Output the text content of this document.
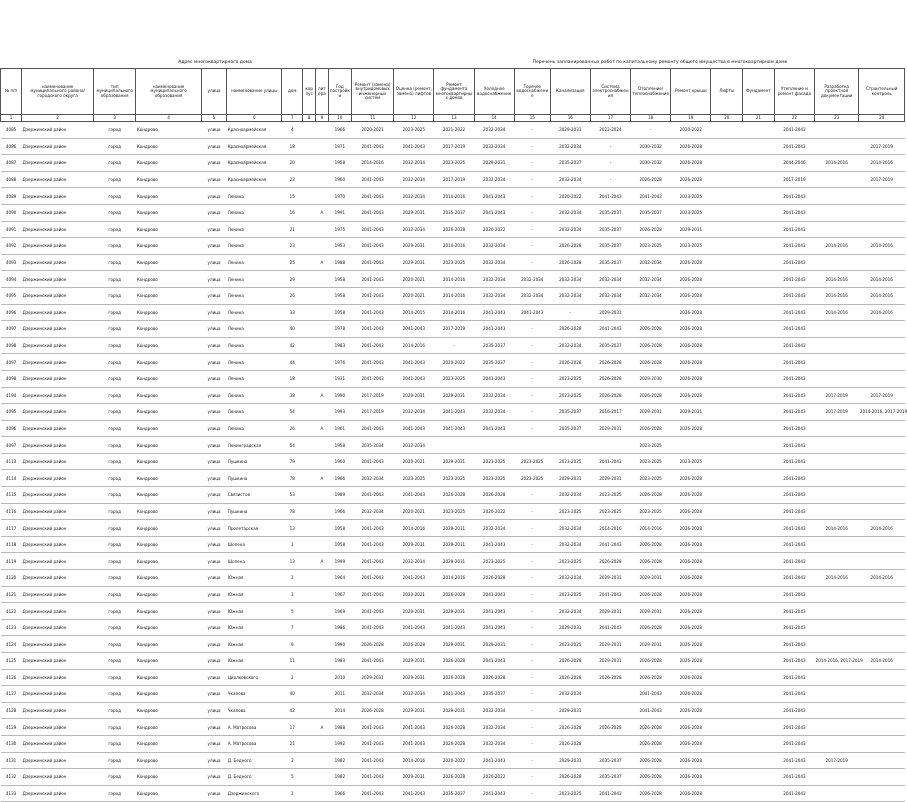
Адрес многоквартирного дома	Перечень запланированных работ по капитальному ремонту общего имущества в многоквартирном доме
№ п/п	наименование муниципального района/городского округа	тип муниципального образования	наименование муниципального образования	улица	наименование улицы	дом	корпус	литера	Год постройки	Ремонт (замена) внутридомовых инженерных систем	Оценка (ремонт, замена) лифтов	Ремонт фундамента многоквартирных домов	Холодное водоснабжение	Горячее водоснабжение	Канализация	Система электроснабжения	Отопление/теплоснабжение	Ремонт крыши	Лифты	Фундамент	Утепление и ремонт фасада	Разработка проектной документации	Строительный контроль
1	2	3	4	5	6	7	8	9	10	11	12	13	14	15	16	17	18	19	20	21	22	23	24
4085	Дзержинский район	город	Кондрово	улица	Красноармейская	4			1966	2020-2021	2023-2025	2021-2022	2032-2034	-	2029-2031	2022-2024	-	2020-2022			2041-2043		
4086	Дзержинский район	город	Кондрово	улица	Красноармейская	18			1971	2041-2043	2041-2043	2017-2019	2032-2034	-	2032-2034	-	2030-2032	2026-2028			2041-2043		2017-2019
4087	Дзержинский район	город	Кондрово	улица	Красноармейская	20			1958	2014-2016	2032-2034	2023-2025	2029-2031	-	2035-2037	-	2030-2032	2026-2028			2044-2046	2014-2016	2014-2016
4088	Дзержинский район	город	Кондрово	улица	Красноармейская	23			1960	2041-2043	2032-2034	2017-2019	2032-2034	-	2032-2034	-	2026-2028	2026-2028			2017-2019		2017-2019
4089	Дзержинский район	город	Кондрово	улица	Ленина	15			1970	2041-2043	2032-2034	2014-2016	2041-2043	-	2020-2022	2041-2043	2041-2043	2023-2025			2041-2043		
4090	Дзержинский район	город	Кондрово	улица	Ленина	16		А	1991	2041-2043	2029-2031	2035-2037	2041-2043	-	2032-2034	2035-2037	2035-2037	2023-2025			2041-2043		
4091	Дзержинский район	город	Кондрово	улица	Ленина	21			1975	2041-2043	2032-2034	2026-2028	2020-2022	-	2032-2034	2035-2037	2026-2028	2029-2031			2041-2043		
4092	Дзержинский район	город	Кондрово	улица	Ленина	23			1953	2041-2043	2029-2031	2014-2016	2032-2034	-	2026-2028	2035-2037	2023-2025	2023-2025			2041-2043	2014-2016	2014-2016
4093	Дзержинский район	город	Кондрово	улица	Ленина	25		А	1988	2041-2043	2029-2031	2023-2025	2032-2034	-	2026-2028	2035-2037	2032-2034	2026-2028			2041-2043		
4094	Дзержинский район	город	Кондрово	улица	Ленина	29			1958	2041-2043	2020-2021	2014-2016	2032-2034	2032-2034	2032-2034	2032-2034	2032-2034	2026-2028			2041-2043	2014-2016	2014-2016
4095	Дзержинский район	город	Кондрово	улица	Ленина	26			1958	2041-2043	2020-2021	2014-2016	2032-2034	2032-2034	2032-2034	2032-2034	2032-2034	2026-2028			2041-2043	2014-2016	2014-2016
4096	Дзержинский район	город	Кондрово	улица	Ленина	33			1958	2041-2043	2014-2015	2014-2016	2041-2043	2041-2043	-	2029-2031		2026-2028			2041-2043	2014-2016	2014-2016
4097	Дзержинский район	город	Кондрово	улица	Ленина	40			1978	2041-2043	2041-2043	2017-2019	2041-2043	-	2026-2028	2041-2043	2026-2028	2026-2028			2041-2043		
4098	Дзержинский район	город	Кондрово	улица	Ленина	42			1983	2041-2043	2014-2016	-	2035-2037	-	2032-2034	2035-2037	2026-2028	2026-2028			2041-2043		
4097	Дзержинский район	город	Кондрово	улица	Ленина	44			1976	2041-2043	2041-2043	2020-2022	2035-2037	-	2026-2028	2026-2028	2026-2028	2026-2028			2041-2043		
4098	Дзержинский район	город	Кондрово	улица	Ленина	18			1931	2041-2043	2041-2043	2023-2025	2041-2043	-	2023-2025	2026-2028	2029-2030	2026-2028			2041-2043		
4194	Дзержинский район	город	Кондрово	улица	Ленина	38		А	1990	2017-2019	2029-2031	2029-2031	2032-2034	-	2023-2025	2026-2028	2026-2028	2026-2028			2041-2043	2017-2019	2017-2019
4095	Дзержинский район	город	Кондрово	улица	Ленина	54			1993	2017-2019	2032-2034	2041-2043	2032-2034	-	2035-2037	2016-2017	2029-2031	2029-2031			2041-2043	2017-2019	2014-2016, 2017-2019
4096	Дзержинский район	город	Кондрово	улица	Ленина	26		А	1961	2041-2043	2041-2043	2041-2043	2041-2043	-	2035-2037	2029-2031	2026-2028	2026-2028			2041-2043		
4097	Дзержинский район	город	Кондрово	улица	Ленинградская	54			1958	2035-2034	2032-2034						2023-2025				2041-2043		
4113	Дзержинский район	город	Кондрово	улица	Пушкина	79			1960	2041-2043	2020-2021	2029-2031	2023-2025	2023-2025	2023-2025	2041-2043	2023-2025	2023-2025			2041-2043		
4114	Дзержинский район	город	Кондрово	улица	Пушкина	78		А	1966	2032-2034	2023-2025	2023-2025	2023-2025	2023-2025	2029-2031	2029-2031	2023-2025	2026-2028			2041-2043		
4115	Дзержинский район	город	Кондрово	улица	Связистов	53			1989	2041-2043	2041-2043	2026-2028	2026-2028	-	2032-2034	2023-2025	2026-2028	2026-2028			2041-2043		
4116	Дзержинский район	город	Кондрово	улица	Пушкина	78			1966	2032-2034	2020-2021	2023-2025	2020-2022	-	2023-2025	2023-2025	2023-2025	2026-2028			2041-2043		
4117	Дзержинский район	город	Кондрово	улица	Пролетарская	13			1958	2041-2043	2014-2016	2029-2031	2032-2034	-	2032-2034	2014-2016	2014-2016	2026-2028			2041-2043	2014-2016	2014-2016
4118	Дзержинский район	город	Кондрово	улица	Шопена	1			1958	2041-2043	2029-2031	2029-2031	2041-2043	-	2032-2034	2041-2043	2026-2028	2026-2028			2041-2043		
4119	Дзержинский район	город	Кондрово	улица	Шопена	13		А	1999	2041-2043	2032-2034	2029-2031	2023-2025	-	2023-2025	2026-2028	2026-2028	2026-2028			2041-2043		
4120	Дзержинский район	город	Кондрово	улица	Южная	1			1964	2041-2043	2041-2043	2014-2016	2026-2028	-	2032-2034	2029-2031	2029-2031	2026-2028			2041-2043	2014-2016	2014-2016
4121	Дзержинский район	город	Кондрово	улица	Южная	3			1967	2041-2043	2020-2021	2026-2028	2041-2043	-	2023-2025	2041-2043	2026-2028	2026-2028			2041-2043		
4122	Дзержинский район	город	Кондрово	улица	Южная	5			1969	2041-2043	2029-2031	2029-2031	2041-2043	-	2032-2034	2029-2031	2029-2031	2026-2028			2041-2043		
4123	Дзержинский район	город	Кондрово	улица	Южная	7			1986	2041-2043	2041-2043	2041-2043	2041-2043	-	2029-2031	2041-2043	2026-2028	2026-2028			2041-2043		
4124	Дзержинский район	город	Кондрово	улица	Южная	9			1990	2026-2028	2026-2028	2029-2031	2029-2031	-	2023-2025	2029-2031	2029-2031	2026-2028			2041-2043		
4125	Дзержинский район	город	Кондрово	улица	Южная	11			1983	2041-2043	2029-2031	2026-2028	2041-2043	-	2026-2028	2029-2031	2026-2028	2026-2028			2041-2043	2014-2016, 2017-2019	2014-2016
4126	Дзержинский район	город	Кондрово	улица	Циолковского	2			2010	2029-2031	2029-2031	2026-2028	2026-2028	-	2026-2028	2026-2028	2026-2028	2026-2028			2041-2043		
4127	Дзержинский район	город	Кондрово	улица	Чкалова	40			2011	2032-2034	2032-2034	2041-2043	2035-2037	-	2032-2034		2041-2043	2026-2028			2041-2043		
4128	Дзержинский район	город	Кондрово	улица	Чкалова	42			2014	2026-2028	2029-2031	2029-2031	2032-2034	-	2029-2031		2041-2043	2026-2028			2041-2043		
4129	Дзержинский район	город	Кондрово	улица	А. Матросова	17		А	1988	2041-2043	2041-2043	2026-2028	2032-2034	-	2026-2028	2026-2028	2026-2028	2026-2028			2041-2043		
4130	Дзержинский район	город	Кондрово	улица	А. Матросова	21			1992	2041-2043	2041-2043	2026-2028	2032-2034	-	2026-2028		2026-2028	2026-2028			2041-2043		
4131	Дзержинский район	город	Кондрово	улица	Д. Бедного	2			1982	2041-2043	2014-2016	2020-2022	2041-2043	-	2029-2031	2035-2037	2026-2028	2026-2028			2041-2043	2017-2019	
4132	Дзержинский район	город	Кондрово	улица	Д. Бедного	5			1982	2041-2043	2029-2031	2026-2028	2020-2022	-	2026-2028	2035-2037	2026-2028	2026-2028			2041-2043		
4133	Дзержинский район	город	Кондрово	улица	Дзержинского	1			1966	2041-2043	2041-2043	2035-2037	2041-2043	-	2023-2025	2041-2043	2026-2028	2026-2028			2041-2043		
